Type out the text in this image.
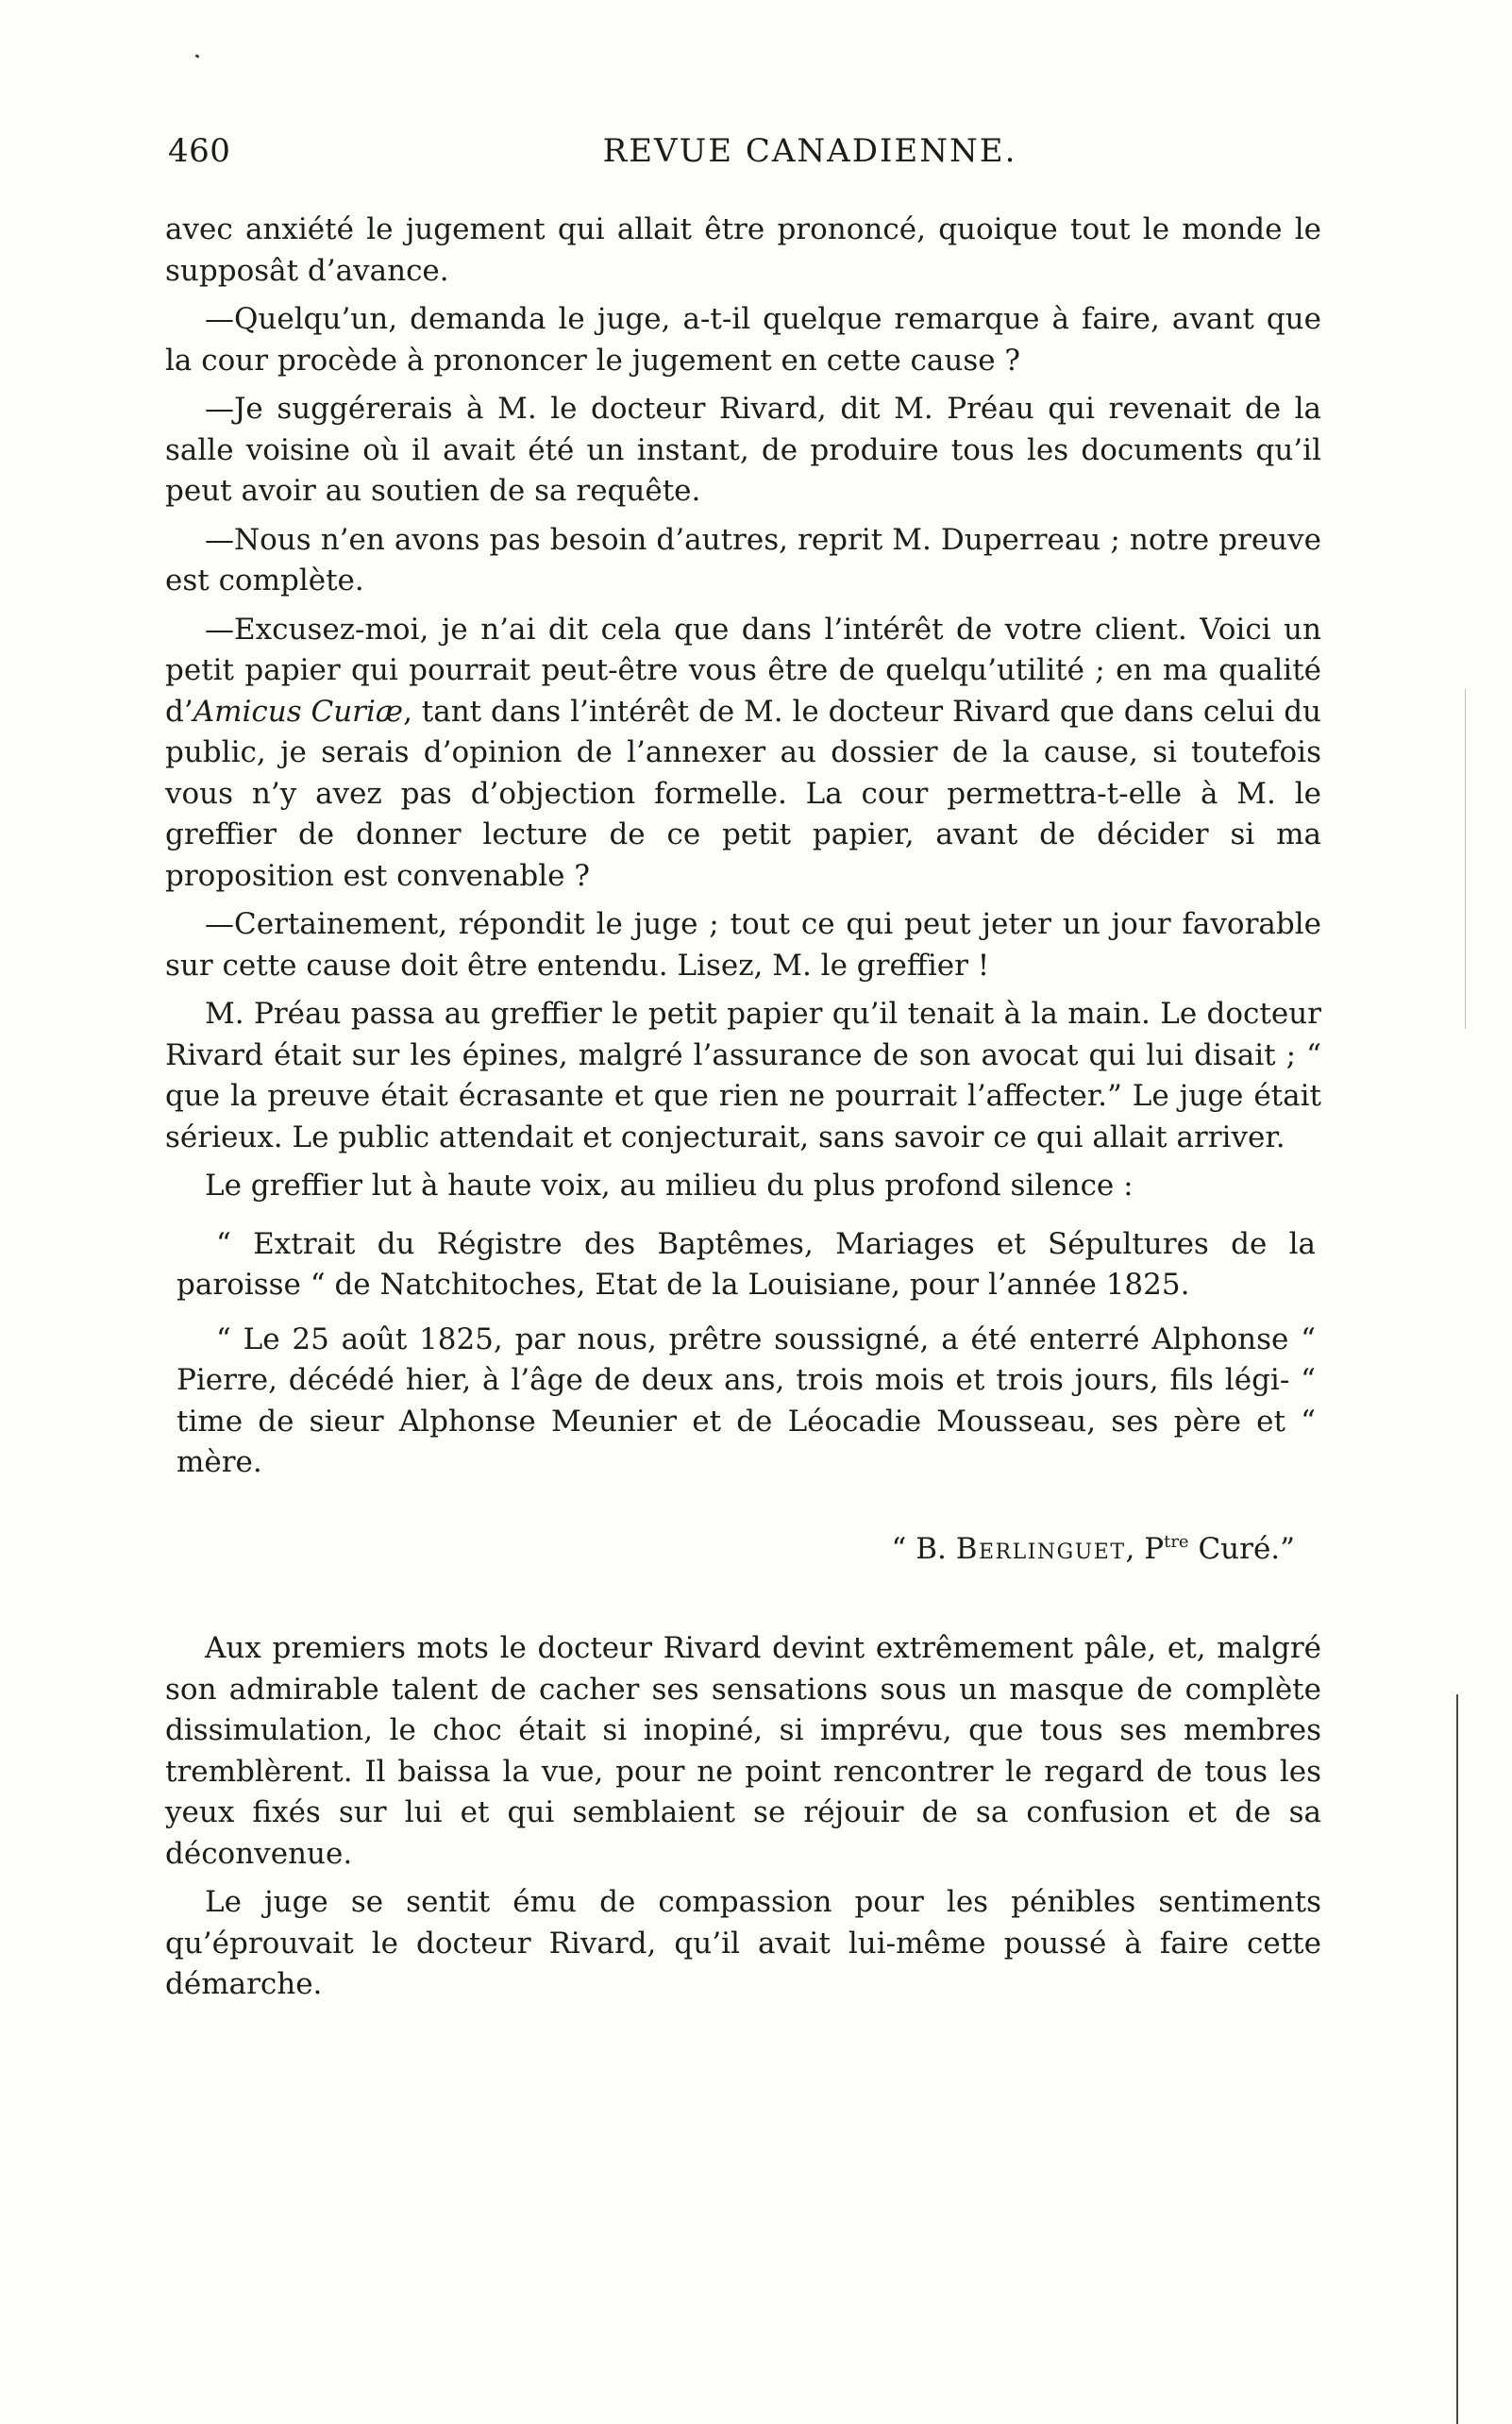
460	REVUE CANADIENNE.

avec anxiété le jugement qui allait être prononcé, quoique tout le monde le supposât d’avance.

—Quelqu’un, demanda le juge, a-t-il quelque remarque à faire, avant que la cour procède à prononcer le jugement en cette cause ?

—Je suggérerais à M. le docteur Rivard, dit M. Préau qui revenait de la salle voisine où il avait été un instant, de produire tous les documents qu’il peut avoir au soutien de sa requête.

—Nous n’en avons pas besoin d’autres, reprit M. Duperreau ; notre preuve est complète.

—Excusez-moi, je n’ai dit cela que dans l’intérêt de votre client. Voici un petit papier qui pourrait peut-être vous être de quelqu’utilité ; en ma qualité d’Amicus Curiæ, tant dans l’intérêt de M. le docteur Rivard que dans celui du public, je serais d’opinion de l’annexer au dossier de la cause, si toutefois vous n’y avez pas d’objection formelle. La cour permettra-t-elle à M. le greffier de donner lecture de ce petit papier, avant de décider si ma proposition est convenable ?

—Certainement, répondit le juge ; tout ce qui peut jeter un jour favorable sur cette cause doit être entendu. Lisez, M. le greffier !

M. Préau passa au greffier le petit papier qu’il tenait à la main. Le docteur Rivard était sur les épines, malgré l’assurance de son avocat qui lui disait ; “ que la preuve était écrasante et que rien ne pourrait l’affecter.” Le juge était sérieux. Le public attendait et conjecturait, sans savoir ce qui allait arriver.

Le greffier lut à haute voix, au milieu du plus profond silence :

“ Extrait du Régistre des Baptêmes, Mariages et Sépultures de la paroisse “ de Natchitoches, Etat de la Louisiane, pour l’année 1825.

“ Le 25 août 1825, par nous, prêtre soussigné, a été enterré Alphonse “ Pierre, décédé hier, à l’âge de deux ans, trois mois et trois jours, fils légi- “ time de sieur Alphonse Meunier et de Léocadie Mousseau, ses père et “ mère.

“ B. Berlinguet, $P^{tre}$ Curé.”

Aux premiers mots le docteur Rivard devint extrêmement pâle, et, malgré son admirable talent de cacher ses sensations sous un masque de complète dissimulation, le choc était si inopiné, si imprévu, que tous ses membres tremblèrent. Il baissa la vue, pour ne point rencontrer le regard de tous les yeux fixés sur lui et qui semblaient se réjouir de sa confusion et de sa déconvenue.

Le juge se sentit ému de compassion pour les pénibles sentiments qu’éprouvait le docteur Rivard, qu’il avait lui-même poussé à faire cette démarche.
